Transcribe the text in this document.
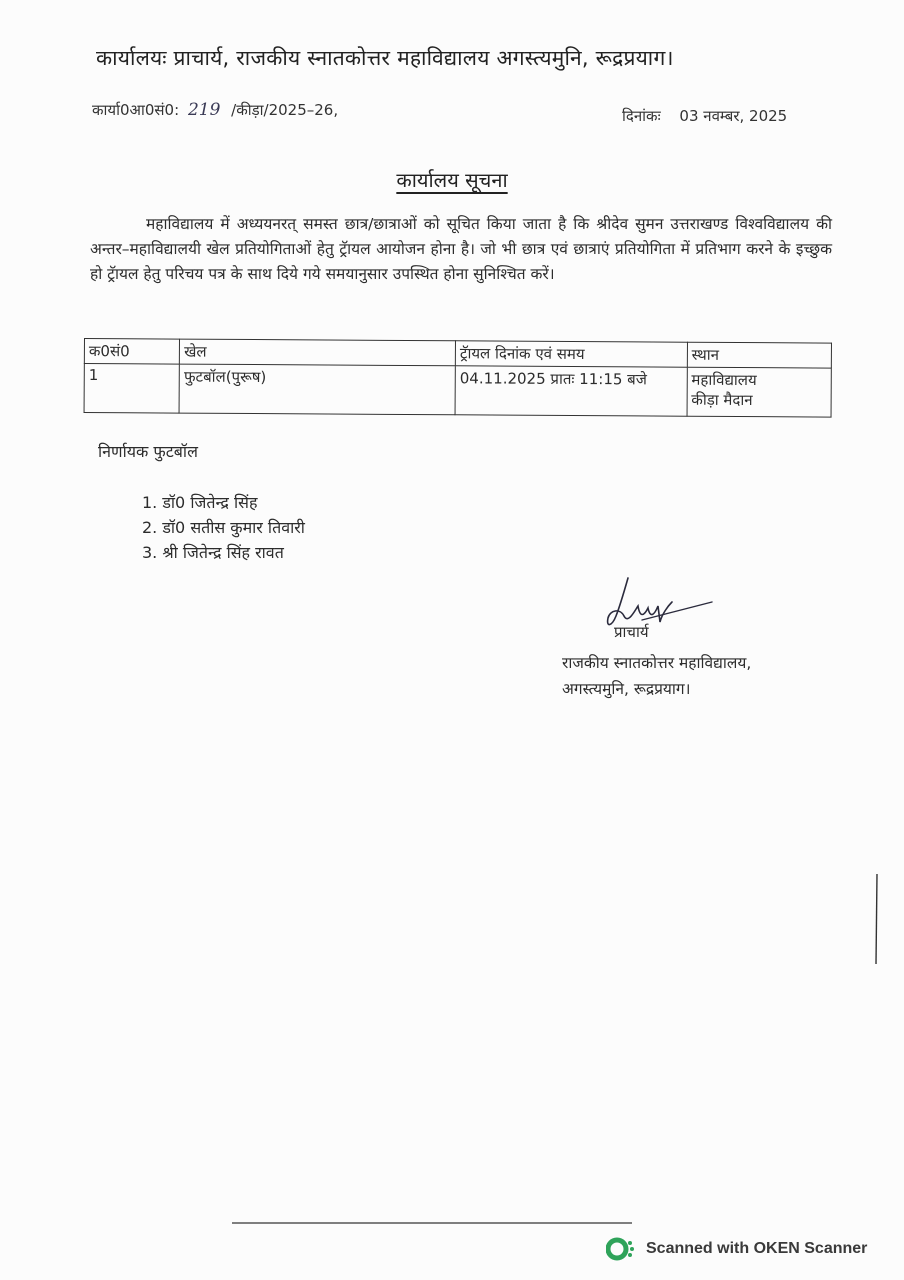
कार्यालयः प्राचार्य, राजकीय स्नातकोत्तर महाविद्यालय अगस्त्यमुनि, रूद्रप्रयाग।
कार्या0आ0सं0: 219 /कीड़ा/2025–26,	दिनांकः 03 नवम्बर, 2025
कार्यालय सूचना
महाविद्यालय में अध्ययनरत् समस्त छात्र/छात्राओं को सूचित किया जाता है कि श्रीदेव सुमन उत्तराखण्ड विश्वविद्यालय की अन्तर–महाविद्यालयी खेल प्रतियोगिताओं हेतु ट्रॅायल आयोजन होना है। जो भी छात्र एवं छात्राएं प्रतियोगिता में प्रतिभाग करने के इच्छुक हो ट्रॅायल हेतु परिचय पत्र के साथ दिये गये समयानुसार उपस्थित होना सुनिश्चित करें।
क0सं0	खेल	ट्रॅायल दिनांक एवं समय	स्थान
1	फुटबॉल(पुरूष)	04.11.2025 प्रातः 11:15 बजे	महाविद्यालय
कीड़ा मैदान
निर्णायक फुटबॉल
1. डॉ0 जितेन्द्र सिंह
2. डॉ0 सतीस कुमार तिवारी
3. श्री जितेन्द्र सिंह रावत
प्राचार्य
राजकीय स्नातकोत्तर महाविद्यालय,
अगस्त्यमुनि, रूद्रप्रयाग।
Scanned with OKEN Scanner
